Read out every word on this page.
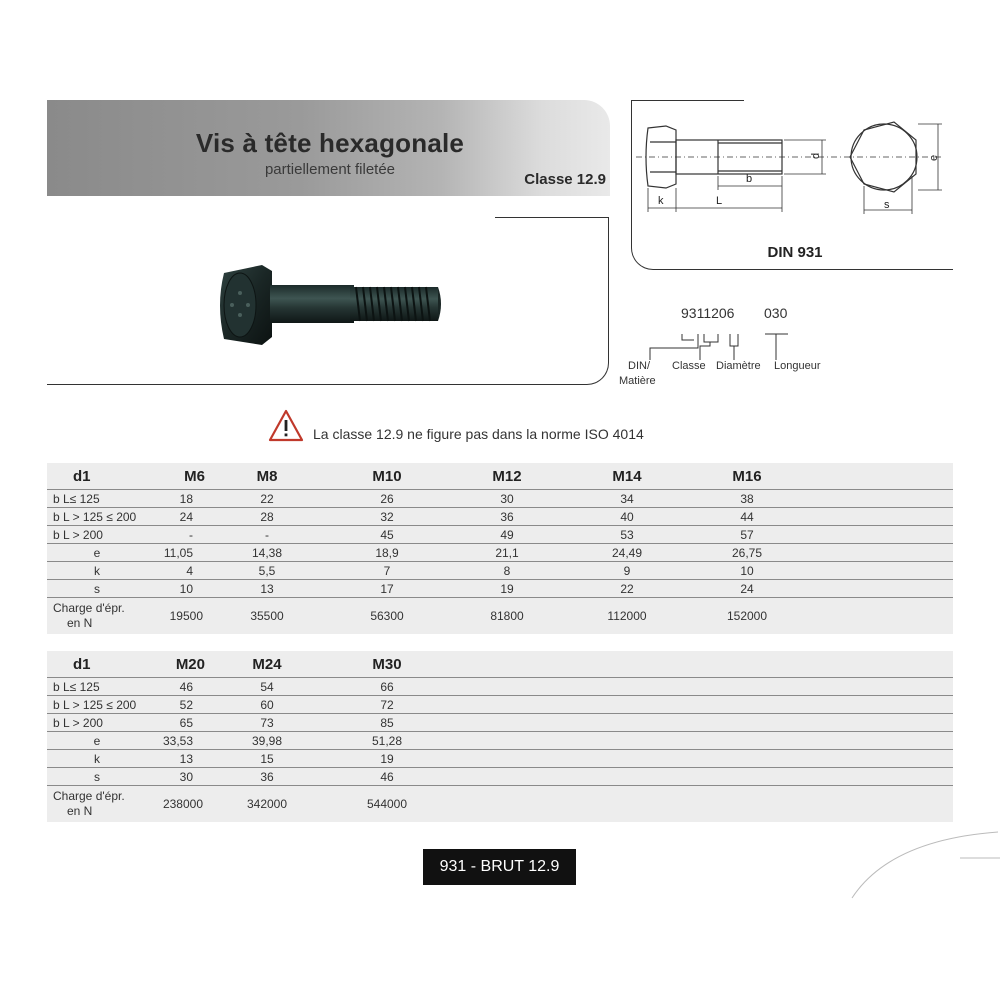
Vis à tête hexagonale
partiellement filetée
Classe 12.9
k	L
b
d
s
e
DIN 931
9311206 030
DIN/
Matière
Classe Diamètre Longueur
La classe 12.9 ne figure pas dans la norme ISO 4014
d1	M6	M8	M10	M12	M14	M16	
b L≤ 125	18	22	26	30	34	38	
b L > 125 ≤ 200	24	28	32	36	40	44	
b L > 200	-	-	45	49	53	57	
e	11,05	14,38	18,9	21,1	24,49	26,75	
k	4	5,5	7	8	9	10	
s	10	13	17	19	22	24	

Charge d'épr.
en N	19500	35500	56300	81800	112000	152000	
d1	M20	M24	M30				
b L≤ 125	46	54	66				
b L > 125 ≤ 200	52	60	72				
b L > 200	65	73	85				
e	33,53	39,98	51,28				
k	13	15	19				
s	30	36	46				

Charge d'épr.
en N	238000	342000	544000				
931 - BRUT 12.9
